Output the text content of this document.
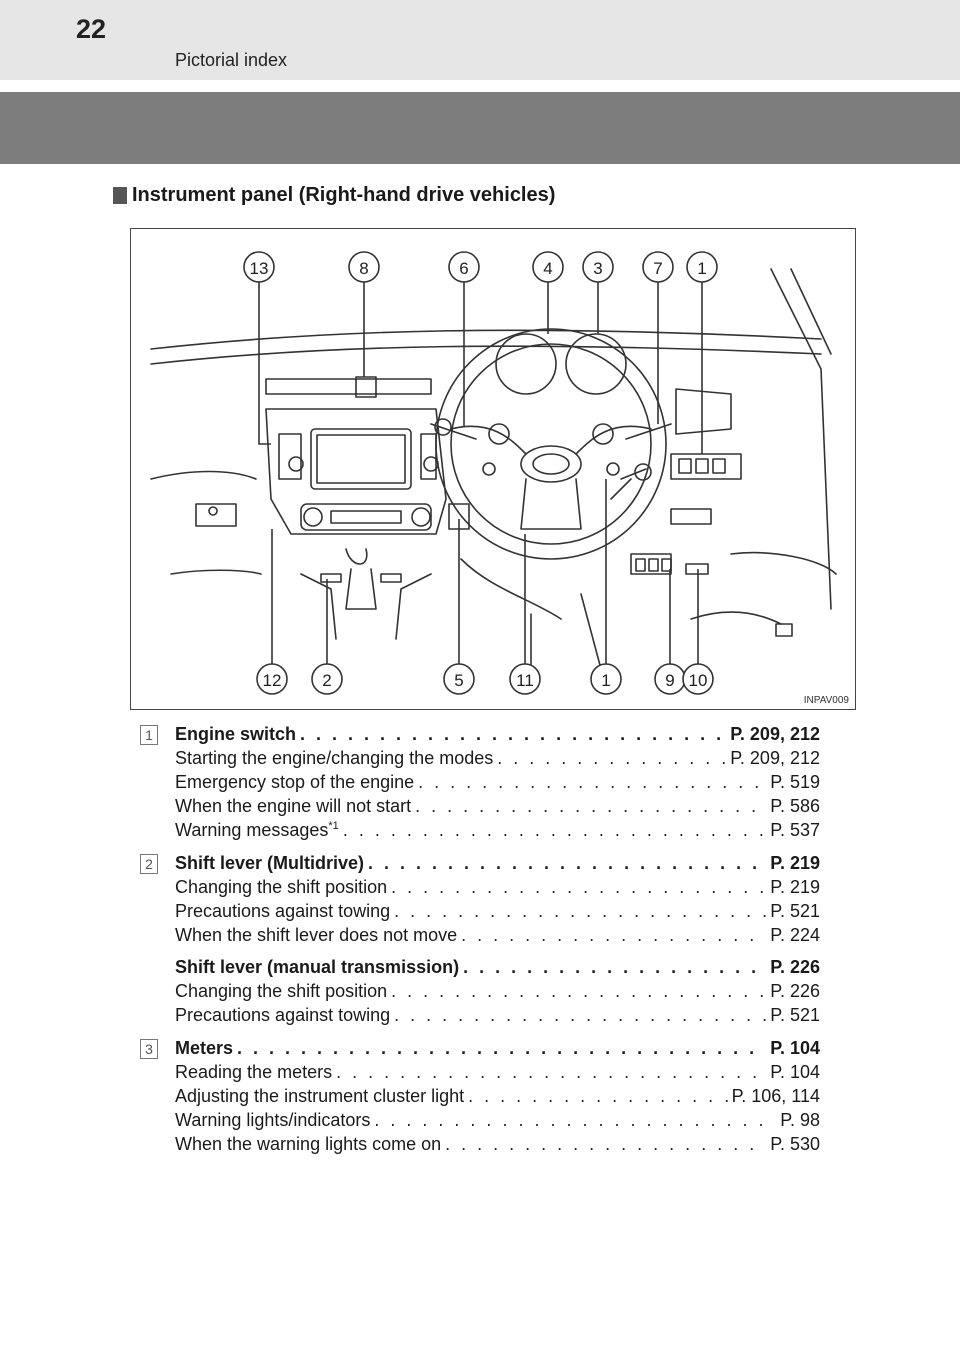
22
Pictorial index
Instrument panel (Right-hand drive vehicles)
13	8	6	4 3	7 1
12 2	5	11	1	9 10
INPAV009
1 Engine switch . . .	P. 209, 212
Starting the engine/changing the modes . . .	P. 209, 212
Emergency stop of the engine . . .	P. 519
When the engine will not start . . .	P. 586
Warning messages$^{*1}$ . . .	P. 537
2 Shift lever (Multidrive) . . .	P. 219
Changing the shift position . . .	P. 219
Precautions against towing . . .	P. 521
When the shift lever does not move . . .	P. 224
Shift lever (manual transmission) . . .	P. 226
Changing the shift position . . .	P. 226
Precautions against towing . . .	P. 521
3 Meters . . .	P. 104
Reading the meters . . .	P. 104
Adjusting the instrument cluster light . . .	P. 106, 114
Warning lights/indicators . . .	P. 98
When the warning lights come on . . .	P. 530
